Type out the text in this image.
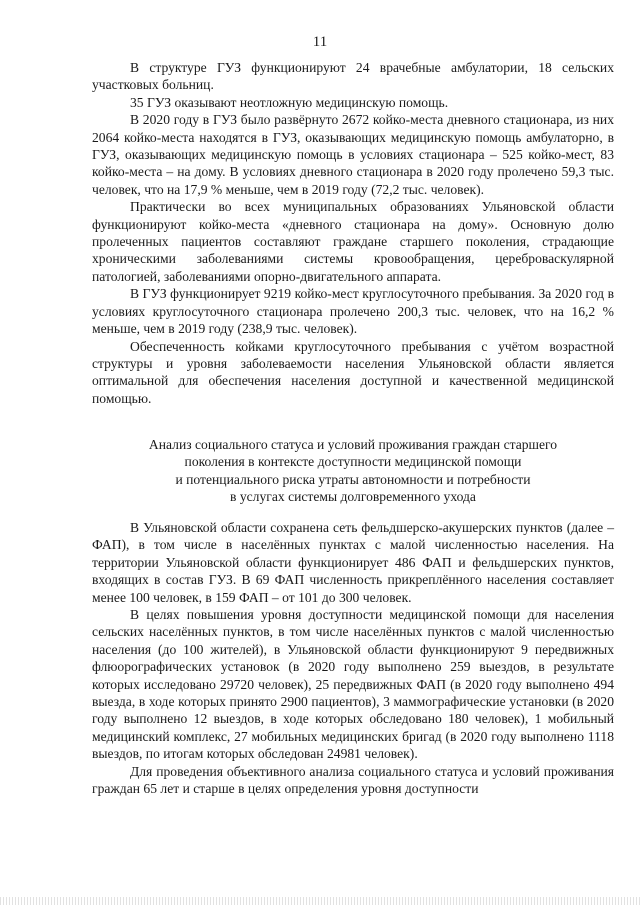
11

В структуре ГУЗ функционируют 24 врачебные амбулатории, 18 сельских участковых больниц.

35 ГУЗ оказывают неотложную медицинскую помощь.

В 2020 году в ГУЗ было развёрнуто 2672 койко-места дневного стационара, из них 2064 койко-места находятся в ГУЗ, оказывающих медицинскую помощь амбулаторно, в ГУЗ, оказывающих медицинскую помощь в условиях стационара – 525 койко-мест, 83 койко-места – на дому. В условиях дневного стационара в 2020 году пролечено 59,3 тыс. человек, что на 17,9 % меньше, чем в 2019 году (72,2 тыс. человек).

Практически во всех муниципальных образованиях Ульяновской области функционируют койко-места «дневного стационара на дому». Основную долю пролеченных пациентов составляют граждане старшего поколения, страдающие хроническими заболеваниями системы кровообращения, цереброваскулярной патологией, заболеваниями опорно-двигательного аппарата.

В ГУЗ функционирует 9219 койко-мест круглосуточного пребывания. За 2020 год в условиях круглосуточного стационара пролечено 200,3 тыс. человек, что на 16,2 % меньше, чем в 2019 году (238,9 тыс. человек).

Обеспеченность койками круглосуточного пребывания с учётом возрастной структуры и уровня заболеваемости населения Ульяновской области является оптимальной для обеспечения населения доступной и качественной медицинской помощью.

Анализ социального статуса и условий проживания граждан старшего
поколения в контексте доступности медицинской помощи
и потенциального риска утраты автономности и потребности
в услугах системы долговременного ухода

В Ульяновской области сохранена сеть фельдшерско-акушерских пунктов (далее – ФАП), в том числе в населённых пунктах с малой численностью населения. На территории Ульяновской области функционирует 486 ФАП и фельдшерских пунктов, входящих в состав ГУЗ. В 69 ФАП численность прикреплённого населения составляет менее 100 человек, в 159 ФАП – от 101 до 300 человек.

В целях повышения уровня доступности медицинской помощи для населения сельских населённых пунктов, в том числе населённых пунктов с малой численностью населения (до 100 жителей), в Ульяновской области функционируют 9 передвижных флюорографических установок (в 2020 году выполнено 259 выездов, в результате которых исследовано 29720 человек), 25 передвижных ФАП (в 2020 году выполнено 494 выезда, в ходе которых принято 2900 пациентов), 3 маммографические установки (в 2020 году выполнено 12 выездов, в ходе которых обследовано 180 человек), 1 мобильный медицинский комплекс, 27 мобильных медицинских бригад (в 2020 году выполнено 1118 выездов, по итогам которых обследован 24981 человек).

Для проведения объективного анализа социального статуса и условий проживания граждан 65 лет и старше в целях определения уровня доступности
